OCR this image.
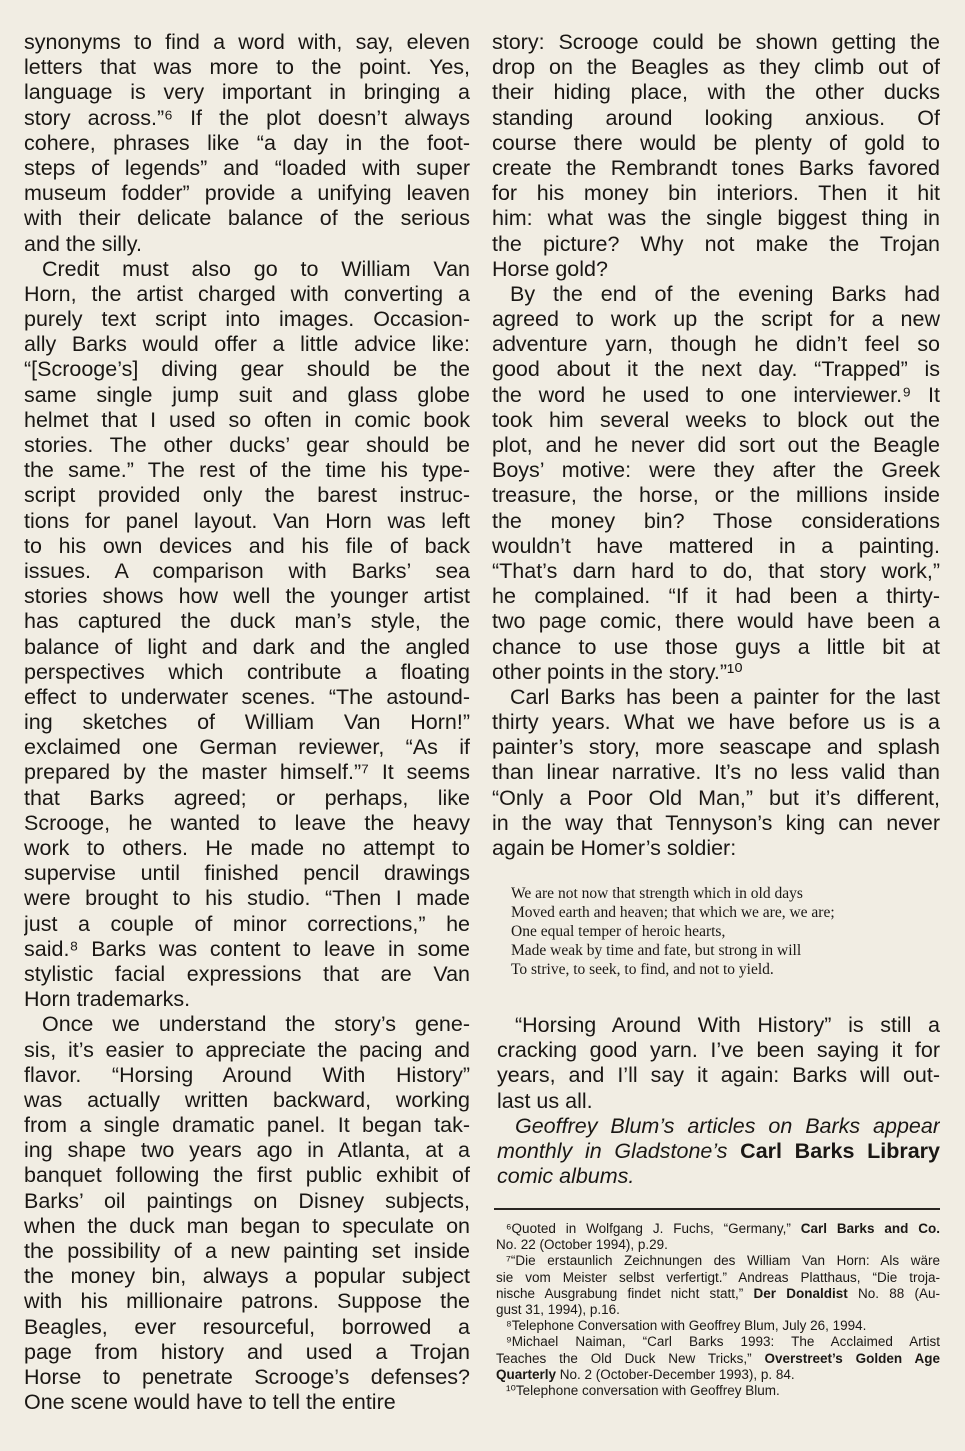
synonyms to find a word with, say, eleven
letters that was more to the point. Yes,
language is very important in bringing a
story across.”⁶ If the plot doesn’t always
cohere, phrases like “a day in the foot-
steps of legends” and “loaded with super
museum fodder” provide a unifying leaven
with their delicate balance of the serious
and the silly.
Credit must also go to William Van
Horn, the artist charged with converting a
purely text script into images. Occasion-
ally Barks would offer a little advice like:
“[Scrooge’s] diving gear should be the
same single jump suit and glass globe
helmet that I used so often in comic book
stories. The other ducks’ gear should be
the same.” The rest of the time his type-
script provided only the barest instruc-
tions for panel layout. Van Horn was left
to his own devices and his file of back
issues. A comparison with Barks’ sea
stories shows how well the younger artist
has captured the duck man’s style, the
balance of light and dark and the angled
perspectives which contribute a floating
effect to underwater scenes. “The astound-
ing sketches of William Van Horn!”
exclaimed one German reviewer, “As if
prepared by the master himself.”⁷ It seems
that Barks agreed; or perhaps, like
Scrooge, he wanted to leave the heavy
work to others. He made no attempt to
supervise until finished pencil drawings
were brought to his studio. “Then I made
just a couple of minor corrections,” he
said.⁸ Barks was content to leave in some
stylistic facial expressions that are Van
Horn trademarks.
Once we understand the story’s gene-
sis, it’s easier to appreciate the pacing and
flavor. “Horsing Around With History”
was actually written backward, working
from a single dramatic panel. It began tak-
ing shape two years ago in Atlanta, at a
banquet following the first public exhibit of
Barks’ oil paintings on Disney subjects,
when the duck man began to speculate on
the possibility of a new painting set inside
the money bin, always a popular subject
with his millionaire patrons. Suppose the
Beagles, ever resourceful, borrowed a
page from history and used a Trojan
Horse to penetrate Scrooge’s defenses?
One scene would have to tell the entire
story: Scrooge could be shown getting the
drop on the Beagles as they climb out of
their hiding place, with the other ducks
standing around looking anxious. Of
course there would be plenty of gold to
create the Rembrandt tones Barks favored
for his money bin interiors. Then it hit
him: what was the single biggest thing in
the picture? Why not make the Trojan
Horse gold?
By the end of the evening Barks had
agreed to work up the script for a new
adventure yarn, though he didn’t feel so
good about it the next day. “Trapped” is
the word he used to one interviewer.⁹ It
took him several weeks to block out the
plot, and he never did sort out the Beagle
Boys’ motive: were they after the Greek
treasure, the horse, or the millions inside
the money bin? Those considerations
wouldn’t have mattered in a painting.
“That’s darn hard to do, that story work,”
he complained. “If it had been a thirty-
two page comic, there would have been a
chance to use those guys a little bit at
other points in the story.”¹⁰
Carl Barks has been a painter for the last
thirty years. What we have before us is a
painter’s story, more seascape and splash
than linear narrative. It’s no less valid than
“Only a Poor Old Man,” but it’s different,
in the way that Tennyson’s king can never
again be Homer’s soldier:
We are not now that strength which in old days
Moved earth and heaven; that which we are, we are;
One equal temper of heroic hearts,
Made weak by time and fate, but strong in will
To strive, to seek, to find, and not to yield.
“Horsing Around With History” is still a
cracking good yarn. I’ve been saying it for
years, and I’ll say it again: Barks will out-
last us all.
Geoffrey Blum’s articles on Barks appear
monthly in Gladstone’s Carl Barks Library
comic albums.
⁶Quoted in Wolfgang J. Fuchs, “Germany,” Carl Barks and Co.
No. 22 (October 1994), p.29.
⁷“Die erstaunlich Zeichnungen des William Van Horn: Als wäre
sie vom Meister selbst verfertigt.” Andreas Platthaus, “Die troja-
nische Ausgrabung findet nicht statt,” Der Donaldist No. 88 (Au-
gust 31, 1994), p.16.
⁸Telephone Conversation with Geoffrey Blum, July 26, 1994.
⁹Michael Naiman, “Carl Barks 1993: The Acclaimed Artist
Teaches the Old Duck New Tricks,” Overstreet’s Golden Age
Quarterly No. 2 (October-December 1993), p. 84.
¹⁰Telephone conversation with Geoffrey Blum.
